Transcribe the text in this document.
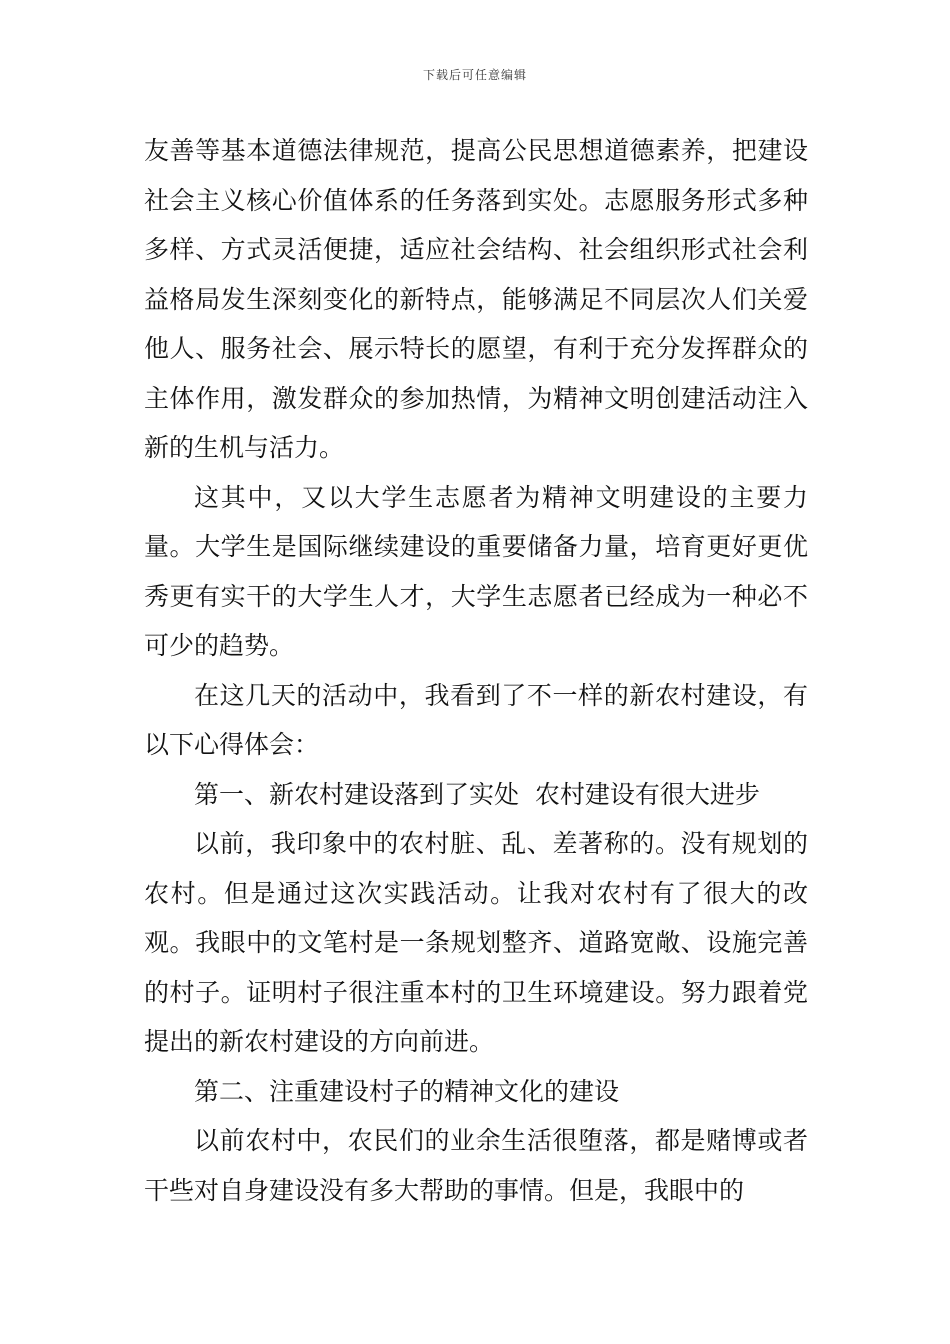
下载后可任意编辑

友善等基本道德法律规范，提高公民思想道德素养，把建设社会主义核心价值体系的任务落到实处。志愿服务形式多种多样、方式灵活便捷，适应社会结构、社会组织形式社会利益格局发生深刻变化的新特点，能够满足不同层次人们关爱他人、服务社会、展示特长的愿望，有利于充分发挥群众的主体作用，激发群众的参加热情，为精神文明创建活动注入新的生机与活力。

这其中，又以大学生志愿者为精神文明建设的主要力量。大学生是国际继续建设的重要储备力量，培育更好更优秀更有实干的大学生人才，大学生志愿者已经成为一种必不可少的趋势。

在这几天的活动中，我看到了不一样的新农村建设，有以下心得体会：

第一、新农村建设落到了实处  农村建设有很大进步

以前，我印象中的农村脏、乱、差著称的。没有规划的农村。但是通过这次实践活动。让我对农村有了很大的改观。我眼中的文笔村是一条规划整齐、道路宽敞、设施完善的村子。证明村子很注重本村的卫生环境建设。努力跟着党提出的新农村建设的方向前进。

第二、注重建设村子的精神文化的建设

以前农村中，农民们的业余生活很堕落，都是赌博或者干些对自身建设没有多大帮助的事情。但是，我眼中的
